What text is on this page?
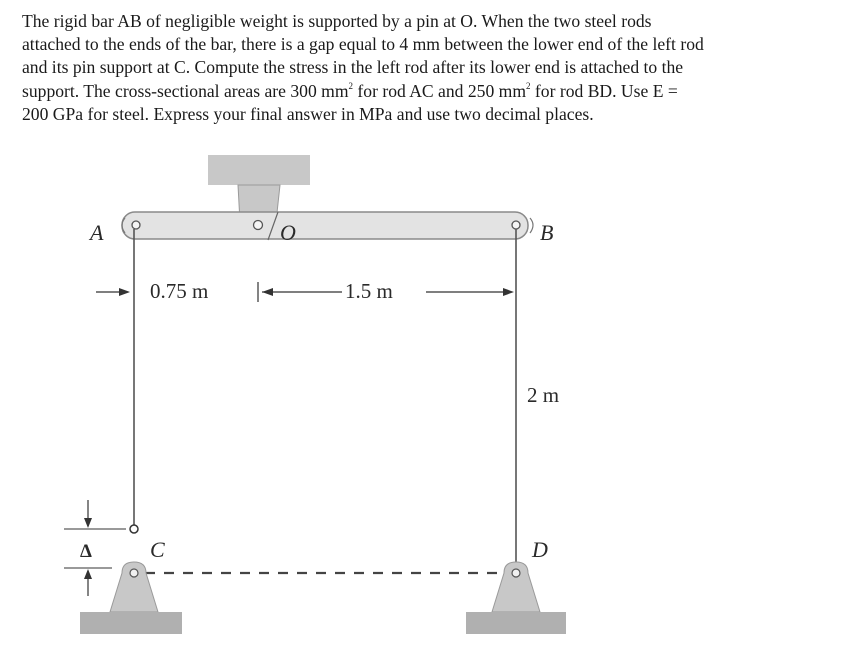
The rigid bar AB of negligible weight is supported by a pin at O. When the two steel rods
attached to the ends of the bar, there is a gap equal to 4 mm between the lower end of the left rod
and its pin support at C. Compute the stress in the left rod after its lower end is attached to the
support. The cross-sectional areas are 300 $mm^2$ for rod AC and 250 $mm^2$ for rod BD. Use E =
200 GPa for steel. Express your final answer in MPa and use two decimal places.
A	O	B
0.75 m	1.5 m
2 m
Δ	C	D
